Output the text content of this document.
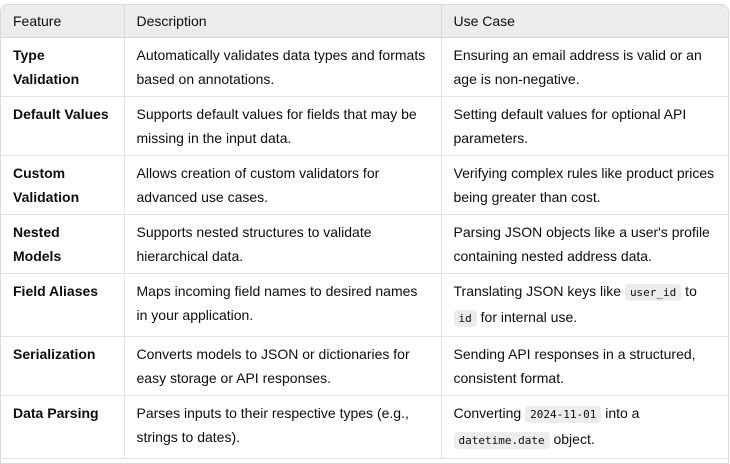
Feature	Description	Use Case
Type Validation	Automatically validates data types and formats based on annotations.	Ensuring an email address is valid or an age is non-negative.
Default Values	Supports default values for fields that may be missing in the input data.	Setting default values for optional API parameters.
Custom Validation	Allows creation of custom validators for advanced use cases.	Verifying complex rules like product prices being greater than cost.
Nested Models	Supports nested structures to validate hierarchical data.	Parsing JSON objects like a user's profile containing nested address data.
Field Aliases	Maps incoming field names to desired names in your application.	Translating JSON keys like user_id to id for internal use.
Serialization	Converts models to JSON or dictionaries for easy storage or API responses.	Sending API responses in a structured, consistent format.
Data Parsing	Parses inputs to their respective types (e.g., strings to dates).	Converting 2024-11-01 into a datetime.date object.
